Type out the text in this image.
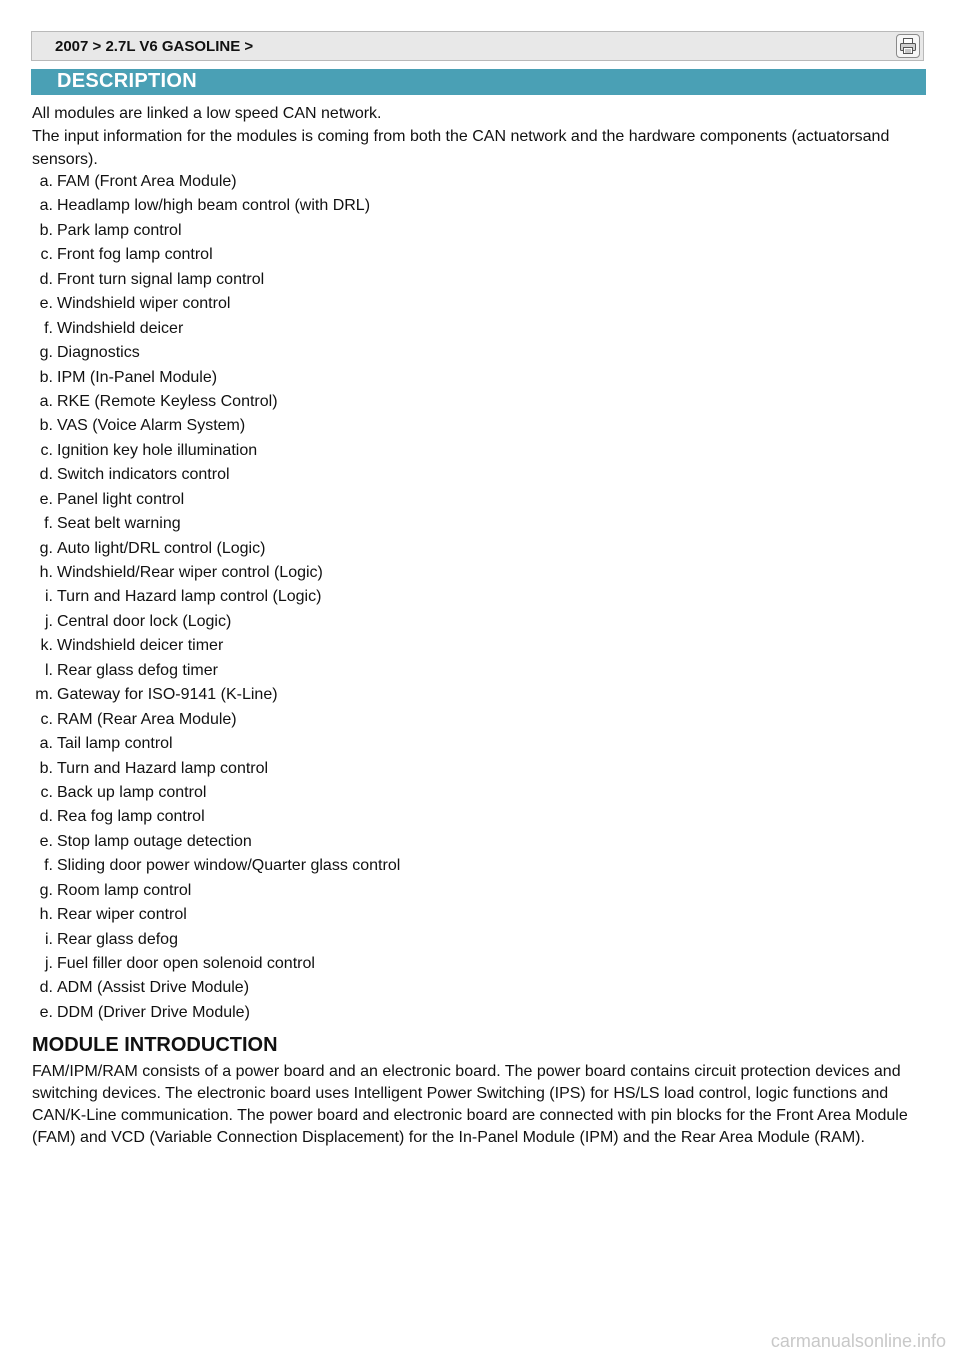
2007 > 2.7L V6 GASOLINE >
DESCRIPTION

All modules are linked a low speed CAN network.

The input information for the modules is coming from both the CAN network and the hardware components (actuatorsand sensors).

a. FAM (Front Area Module)
a. Headlamp low/high beam control (with DRL)
b. Park lamp control
c. Front fog lamp control
d. Front turn signal lamp control
e. Windshield wiper control
f. Windshield deicer
g. Diagnostics
b. IPM (In-Panel Module)
a. RKE (Remote Keyless Control)
b. VAS (Voice Alarm System)
c. Ignition key hole illumination
d. Switch indicators control
e. Panel light control
f. Seat belt warning
g. Auto light/DRL control (Logic)
h. Windshield/Rear wiper control (Logic)
i. Turn and Hazard lamp control (Logic)
j. Central door lock (Logic)
k. Windshield deicer timer
l. Rear glass defog timer
m. Gateway for ISO-9141 (K-Line)
c. RAM (Rear Area Module)
a. Tail lamp control
b. Turn and Hazard lamp control
c. Back up lamp control
d. Rea fog lamp control
e. Stop lamp outage detection
f. Sliding door power window/Quarter glass control
g. Room lamp control
h. Rear wiper control
i. Rear glass defog
j. Fuel filler door open solenoid control
d. ADM (Assist Drive Module)
e. DDM (Driver Drive Module)
MODULE INTRODUCTION

FAM/IPM/RAM consists of a power board and an electronic board. The power board contains circuit protection devices and switching devices. The electronic board uses Intelligent Power Switching (IPS) for HS/LS load control, logic functions and CAN/K-Line communication. The power board and electronic board are connected with pin blocks for the Front Area Module (FAM) and VCD (Variable Connection Displacement) for the In-Panel Module (IPM) and the Rear Area Module (RAM).

carmanualsonline.info
